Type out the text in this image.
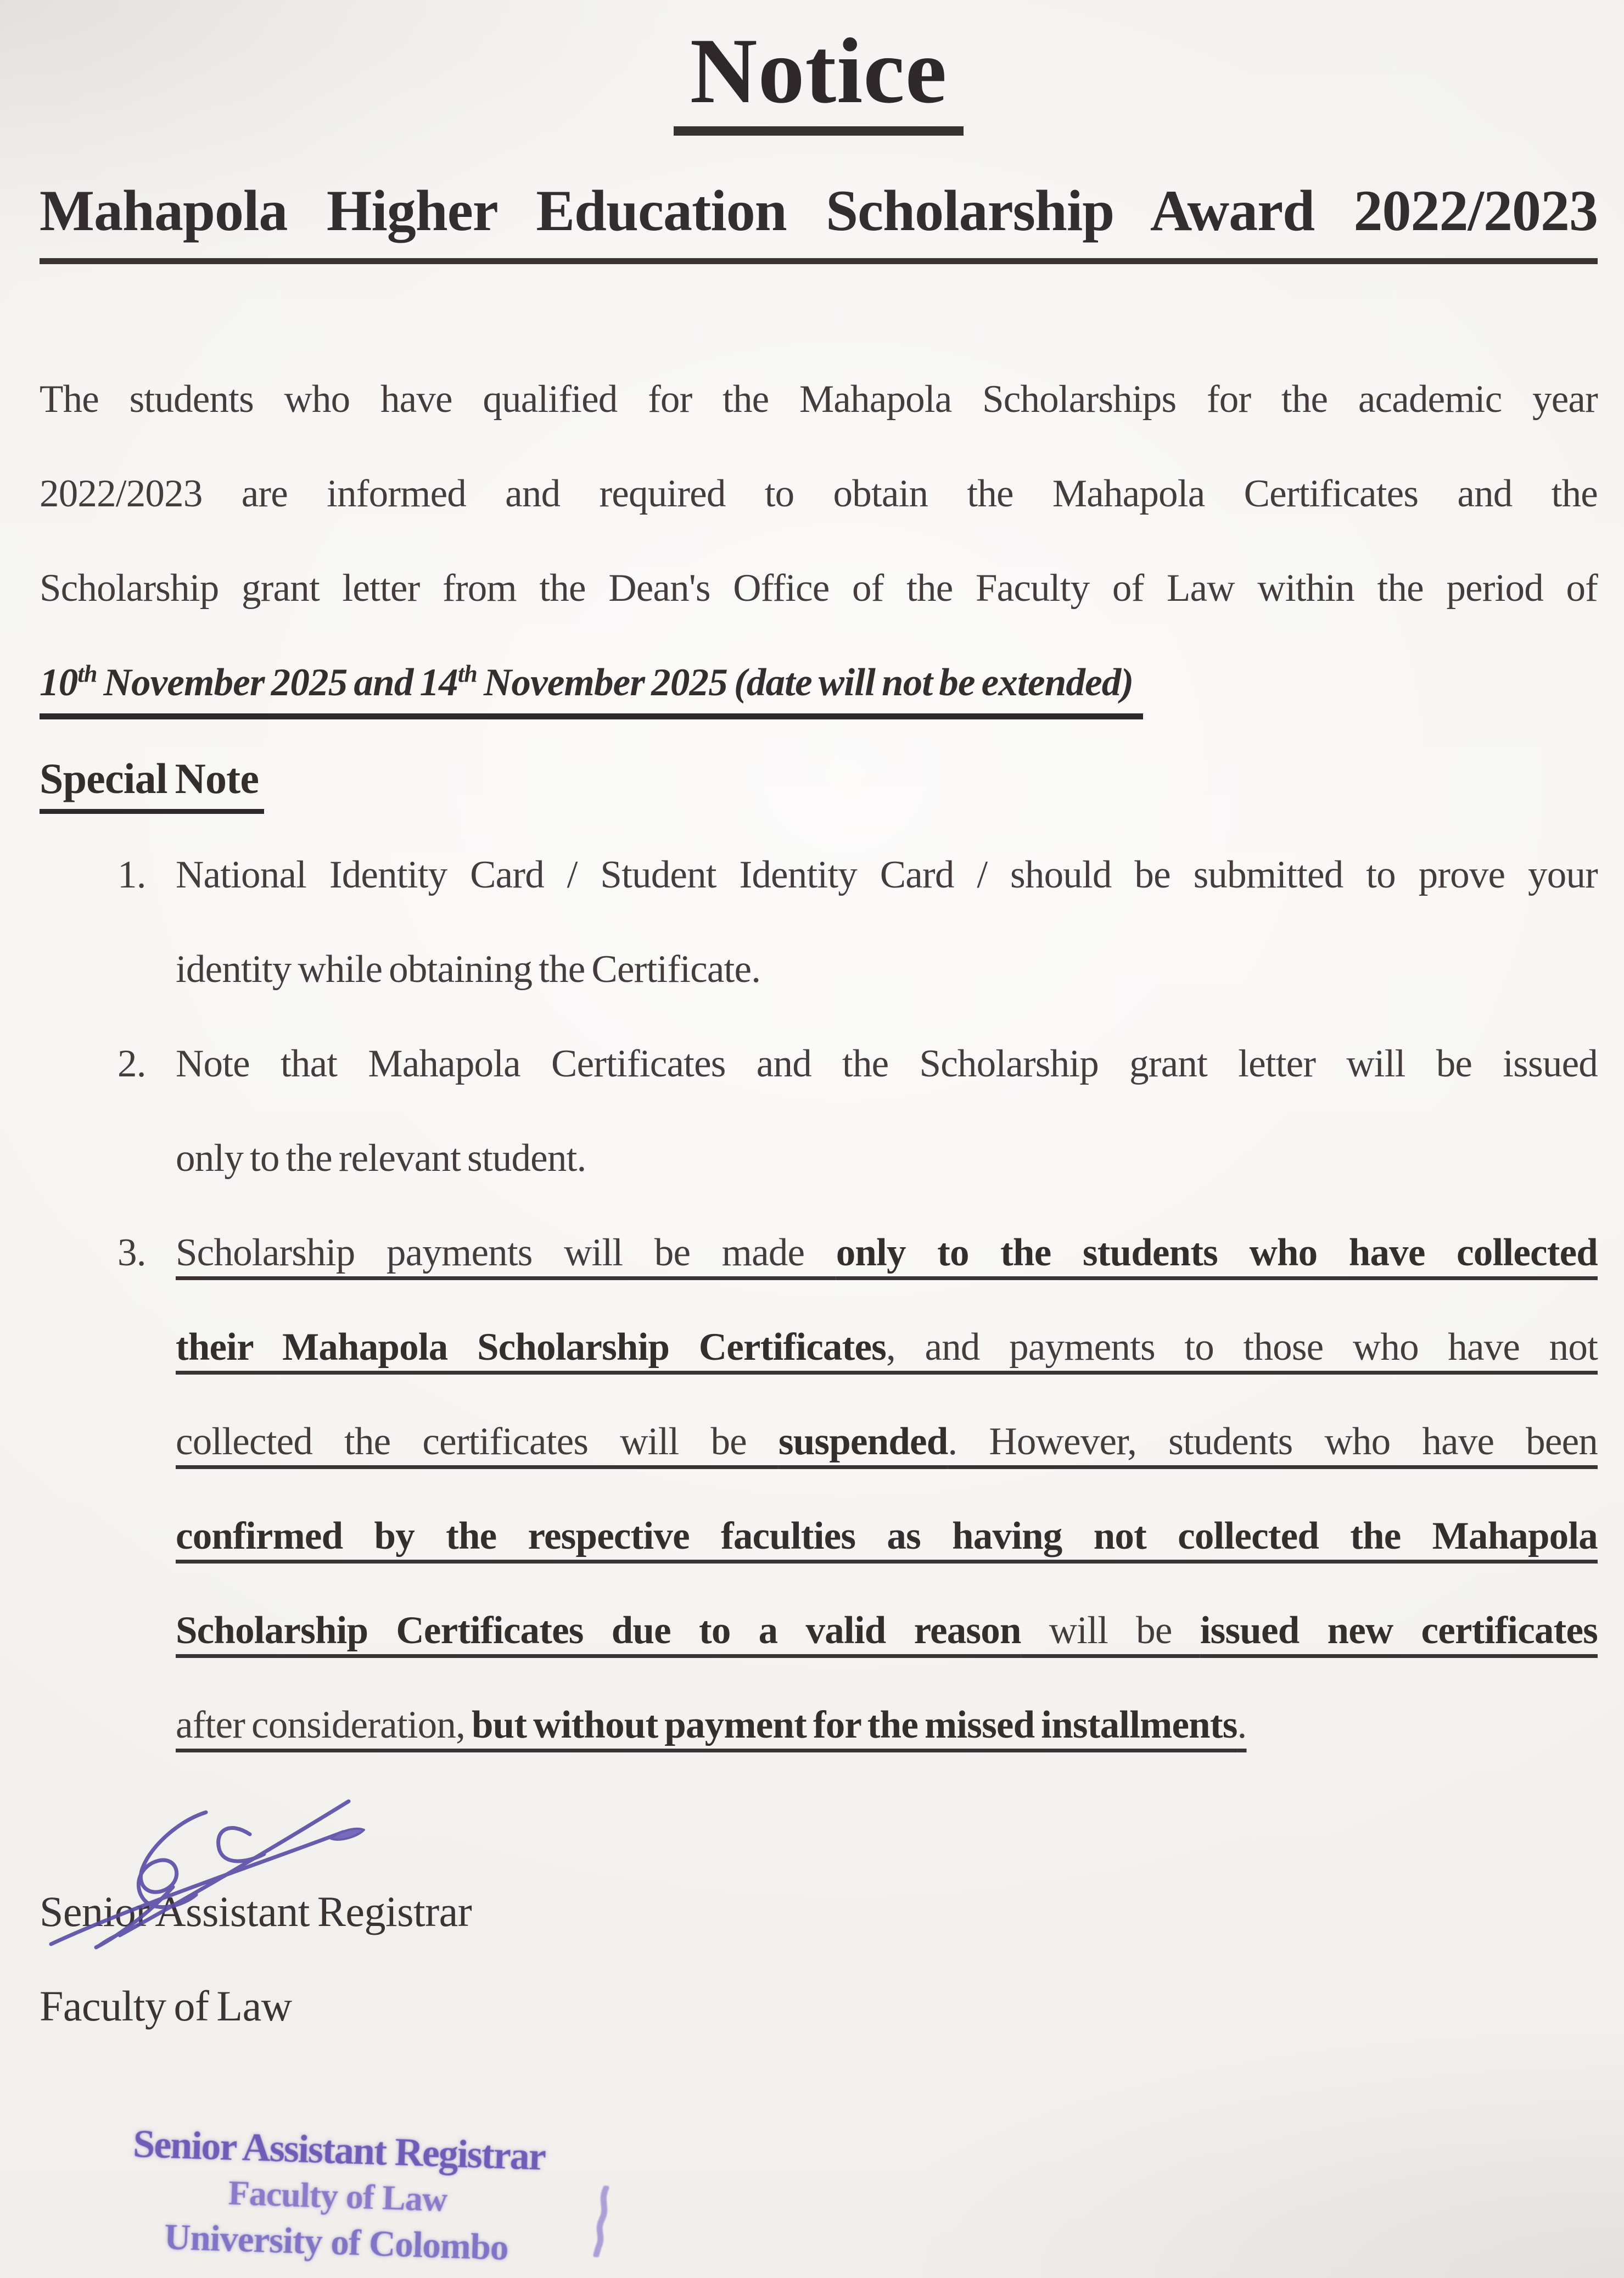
Notice
Mahapola Higher Education Scholarship Award 2022/2023
The students who have qualified for the Mahapola Scholarships for the academic year
2022/2023 are informed and required to obtain the Mahapola Certificates and the
Scholarship grant letter from the Dean's Office of the Faculty of Law within the period of
10th November 2025 and 14th November 2025 (date will not be extended)
Special Note
1. National Identity Card / Student Identity Card / should be submitted to prove your
identity while obtaining the Certificate.
2. Note that Mahapola Certificates and the Scholarship grant letter will be issued
only to the relevant student.
3. Scholarship payments will be made only to the students who have collected
their Mahapola Scholarship Certificates, and payments to those who have not
collected the certificates will be suspended. However, students who have been
confirmed by the respective faculties as having not collected the Mahapola
Scholarship Certificates due to a valid reason will be issued new certificates
after consideration, but without payment for the missed installments.
Senior Assistant Registrar
Faculty of Law
Senior Assistant Registrar
Faculty of Law
University of Colombo
